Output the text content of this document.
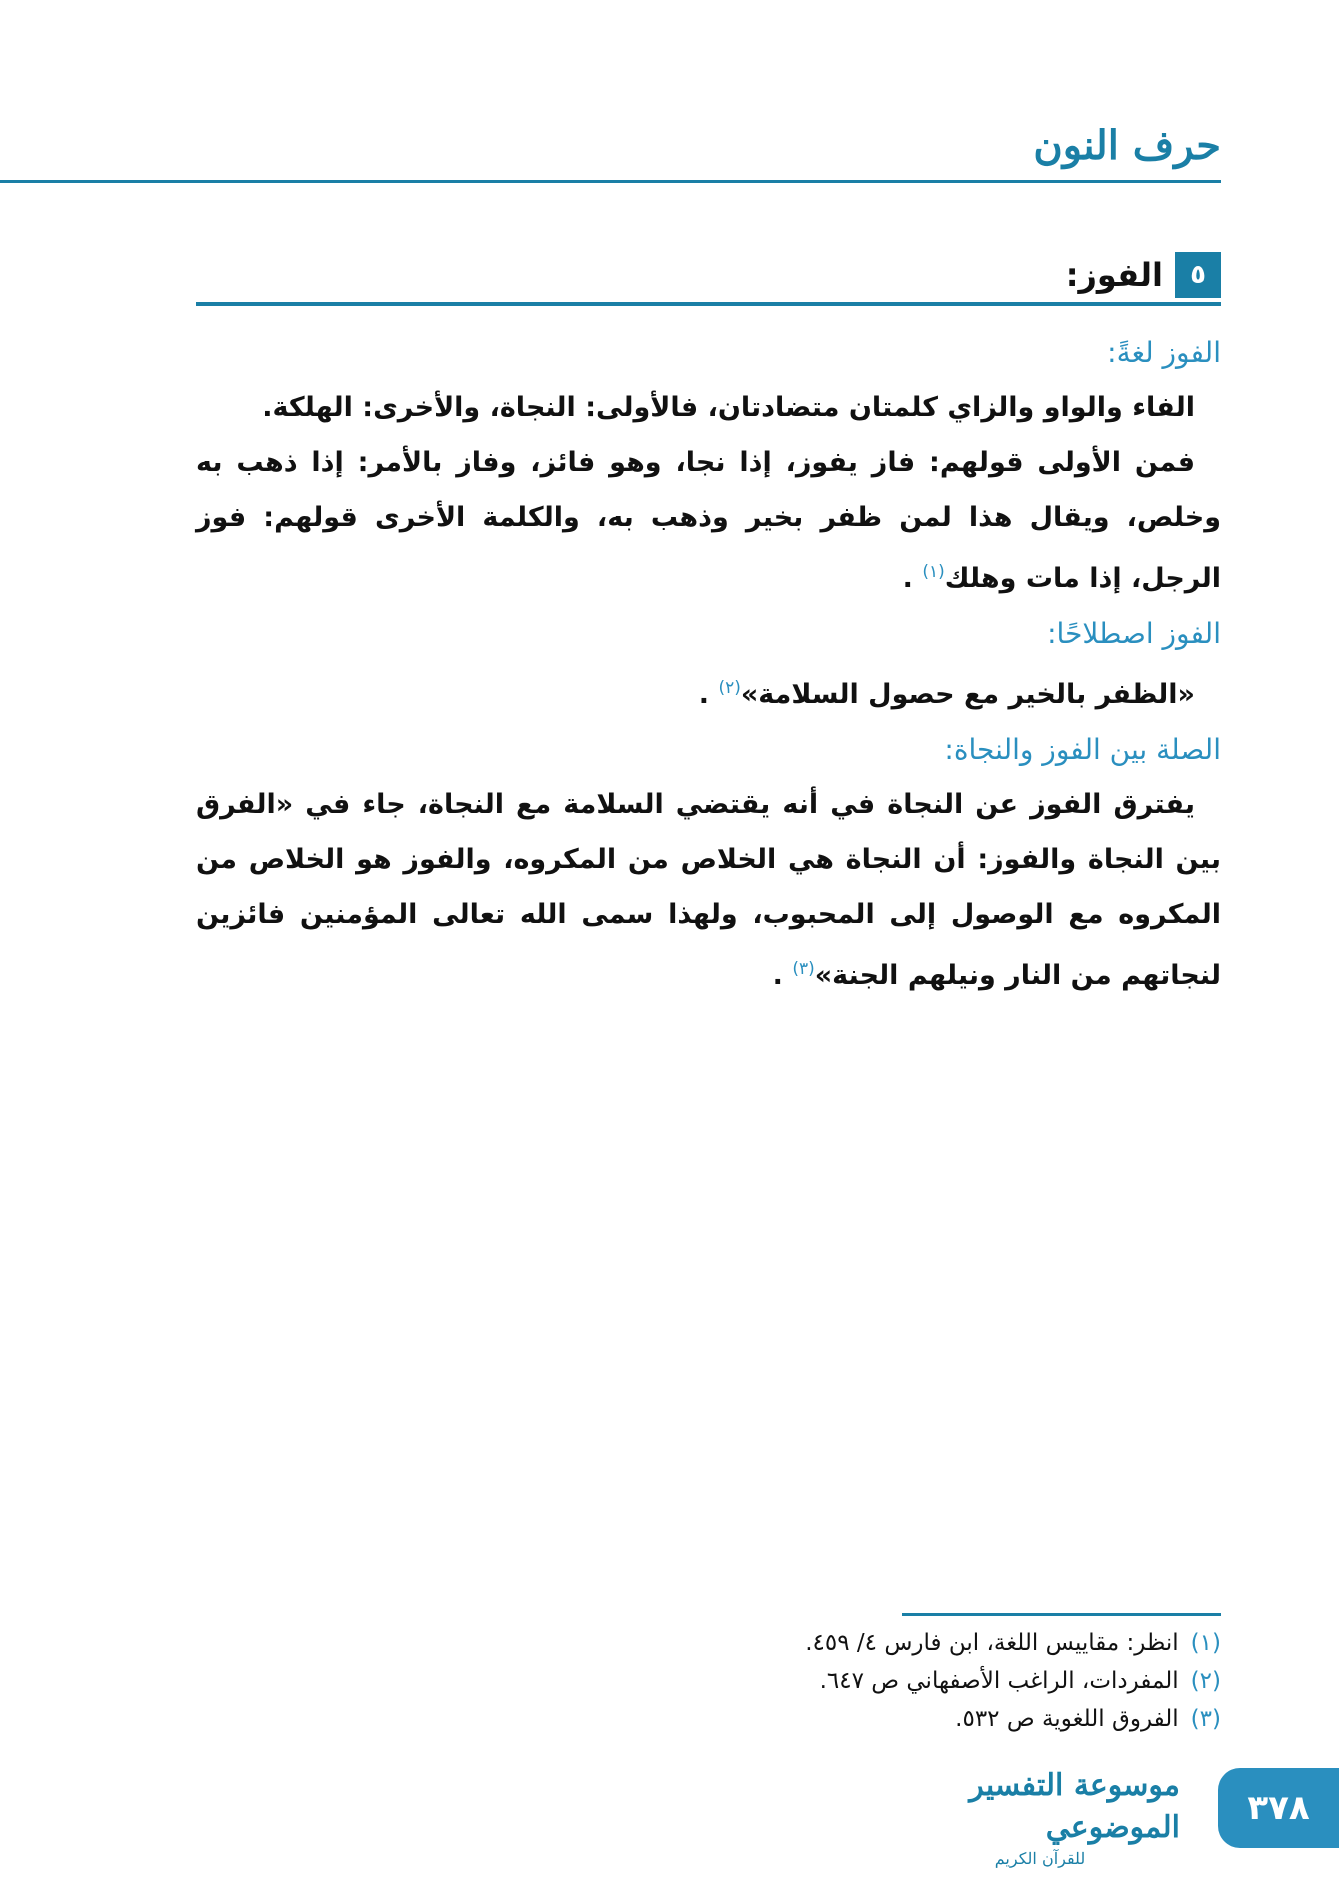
حرف النون
٥
الفوز:
الفوز لغةً:

الفاء والواو والزاي كلمتان متضادتان، فالأولى: النجاة، والأخرى: الهلكة.

فمن الأولى قولهم: فاز يفوز، إذا نجا، وهو فائز، وفاز بالأمر: إذا ذهب به وخلص، ويقال هذا لمن ظفر بخير وذهب به، والكلمة الأخرى قولهم: فوز الرجل، إذا مات وهلك$^{(١)}$ .

الفوز اصطلاحًا:

«الظفر بالخير مع حصول السلامة»$^{(٢)}$ .

الصلة بين الفوز والنجاة:

يفترق الفوز عن النجاة في أنه يقتضي السلامة مع النجاة، جاء في «الفرق بين النجاة والفوز: أن النجاة هي الخلاص من المكروه، والفوز هو الخلاص من المكروه مع الوصول إلى المحبوب، ولهذا سمى الله تعالى المؤمنين فائزين لنجاتهم من النار ونيلهم الجنة»$^{(٣)}$ .

(١)
انظر: مقاييس اللغة، ابن فارس ٤/ ٤٥٩.
(٢)
المفردات، الراغب الأصفهاني ص ٦٤٧.
(٣)
الفروق اللغوية ص ٥٣٢.
موسوعة التفسير الموضوعي
للقرآن الكريم
٣٧٨
